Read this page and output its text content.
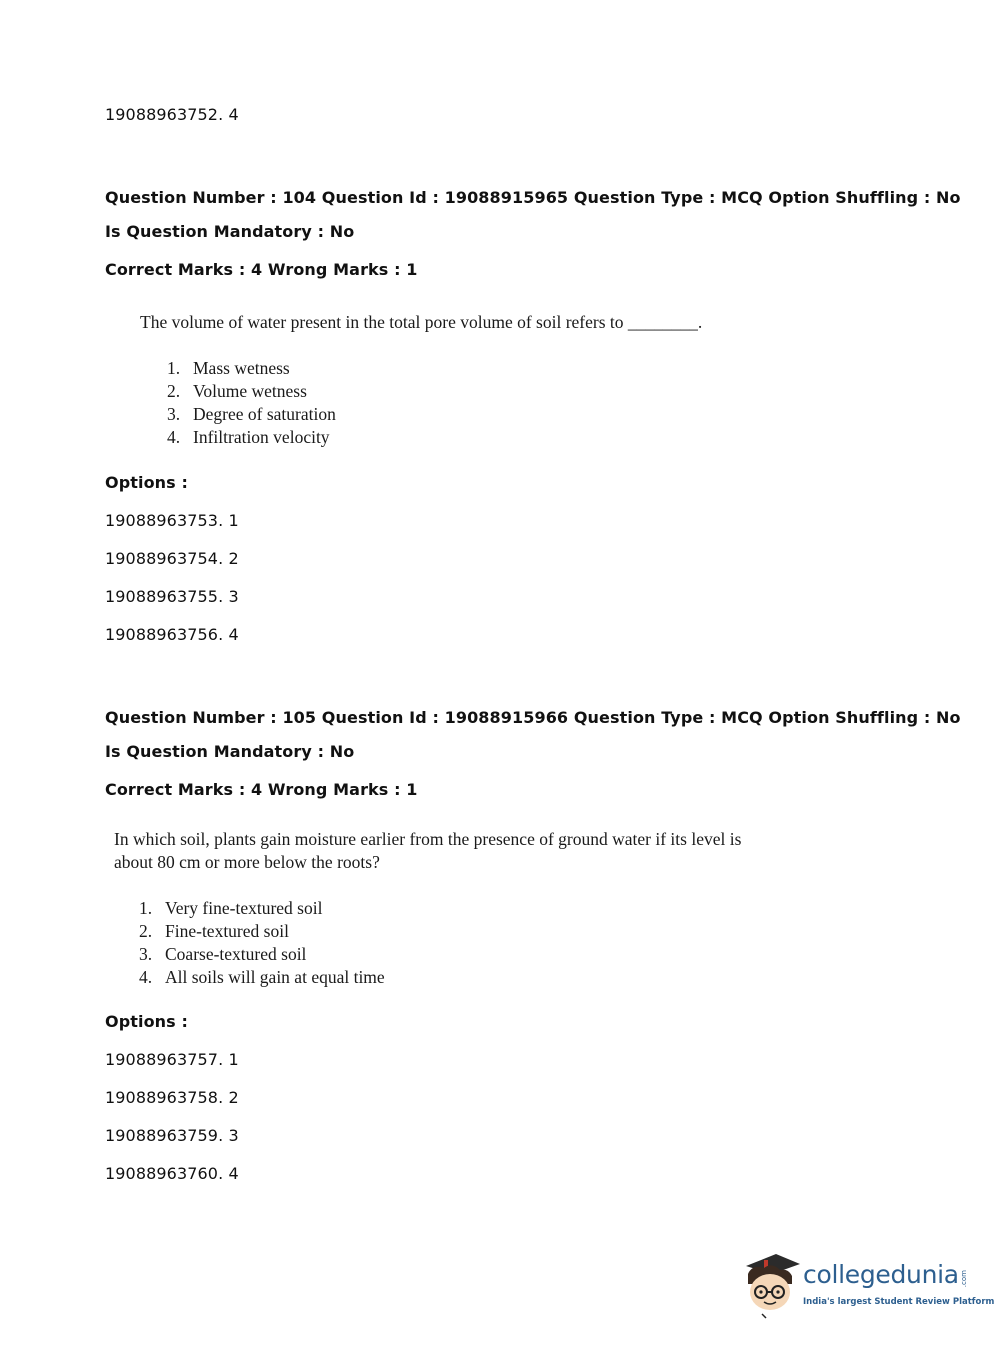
19088963752. 4
Question Number : 104 Question Id : 19088915965 Question Type : MCQ Option Shuffling : No
Is Question Mandatory : No
Correct Marks : 4 Wrong Marks : 1
The volume of water present in the total pore volume of soil refers to ________.
1. Mass wetness
2. Volume wetness
3. Degree of saturation
4. Infiltration velocity
Options :
19088963753. 1
19088963754. 2
19088963755. 3
19088963756. 4
Question Number : 105 Question Id : 19088915966 Question Type : MCQ Option Shuffling : No
Is Question Mandatory : No
Correct Marks : 4 Wrong Marks : 1
In which soil, plants gain moisture earlier from the presence of ground water if its level is
about 80 cm or more below the roots?
1. Very fine-textured soil
2. Fine-textured soil
3. Coarse-textured soil
4. All soils will gain at equal time
Options :
19088963757. 1
19088963758. 2
19088963759. 3
19088963760. 4
collegedunia
India's largest Student Review Platform
.com
